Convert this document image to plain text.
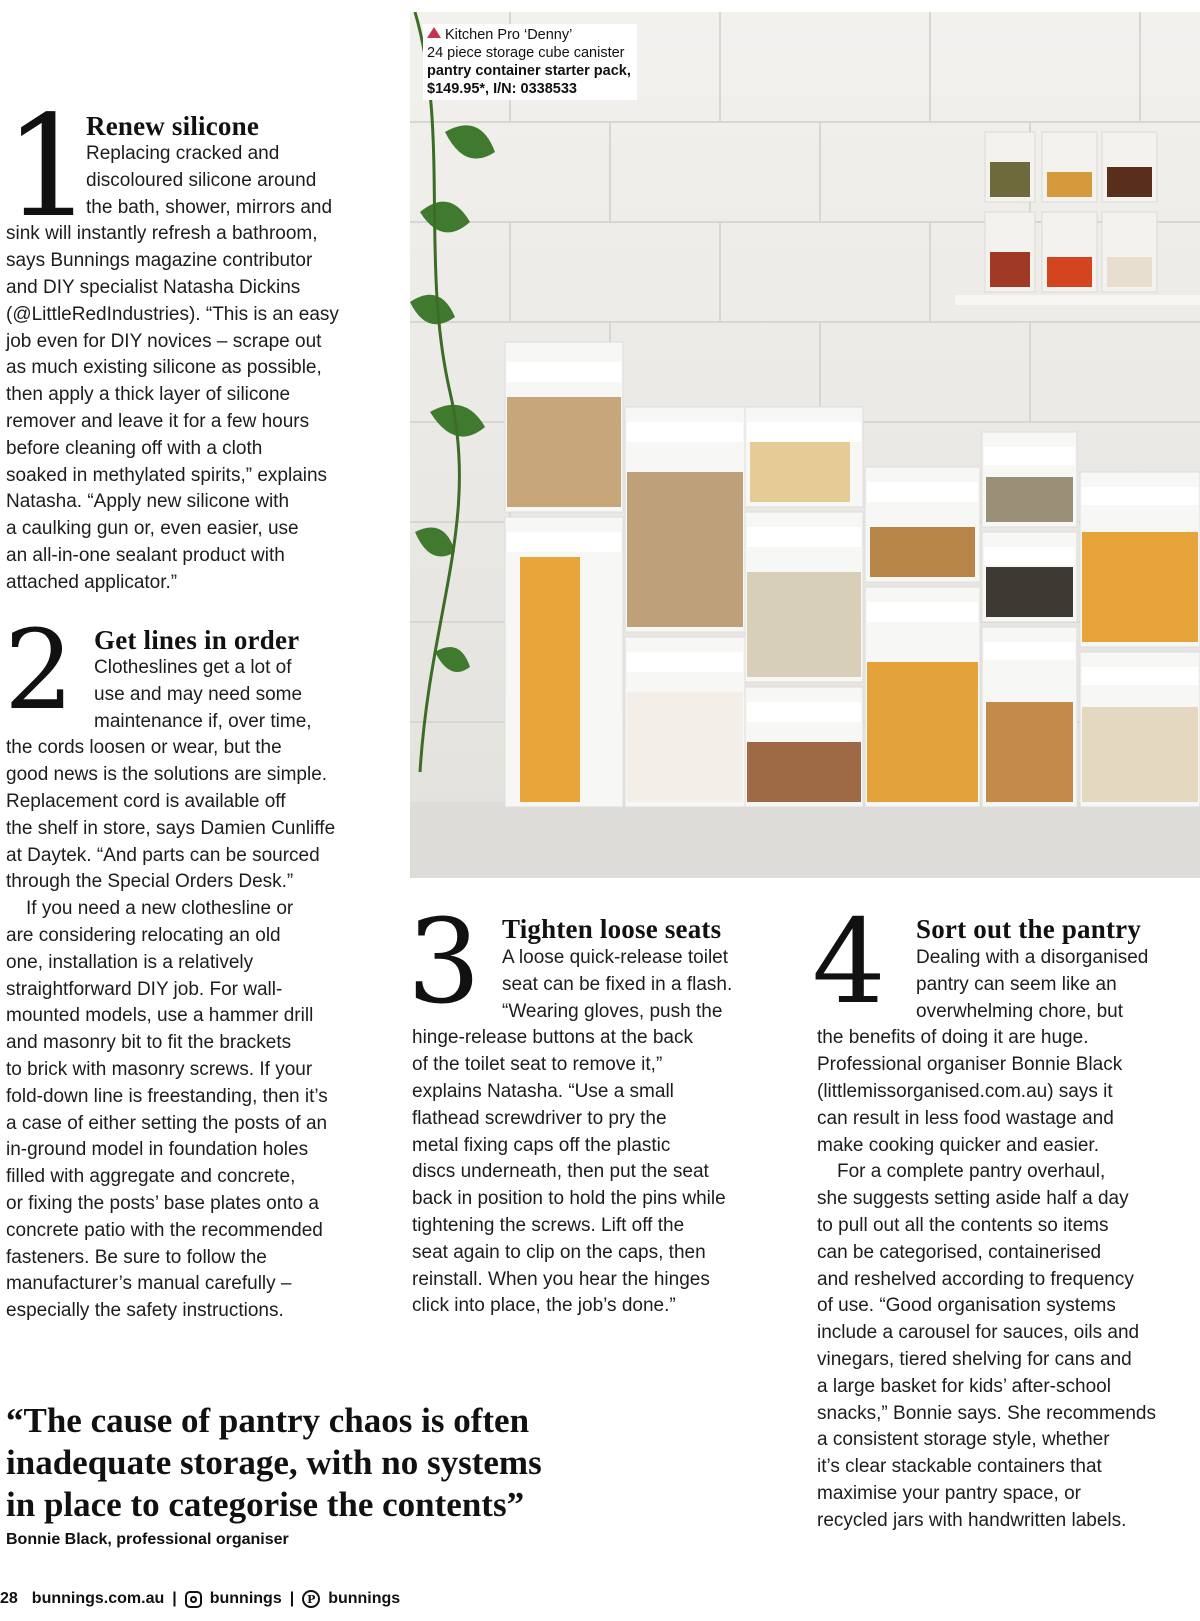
Kitchen Pro ‘Denny’
24 piece storage cube canister
pantry container starter pack,
$149.95*, I/N: 0338533
1
Renew silicone

Replacing cracked and

discoloured silicone around

the bath, shower, mirrors and

sink will instantly refresh a bathroom,

says Bunnings magazine contributor

and DIY specialist Natasha Dickins

(@LittleRedIndustries). “This is an easy

job even for DIY novices – scrape out

as much existing silicone as possible,

then apply a thick layer of silicone

remover and leave it for a few hours

before cleaning off with a cloth

soaked in methylated spirits,” explains

Natasha. “Apply new silicone with

a caulking gun or, even easier, use

an all-in-one sealant product with

attached applicator.”

2 Get lines in order

Clotheslines get a lot of

use and may need some

maintenance if, over time,

the cords loosen or wear, but the

good news is the solutions are simple.

Replacement cord is available off

the shelf in store, says Damien Cunliffe

at Daytek. “And parts can be sourced

through the Special Orders Desk.”

If you need a new clothesline or

are considering relocating an old

one, installation is a relatively

straightforward DIY job. For wall-

mounted models, use a hammer drill

and masonry bit to fit the brackets

to brick with masonry screws. If your

fold-down line is freestanding, then it’s

a case of either setting the posts of an

in-ground model in foundation holes

filled with aggregate and concrete,

or fixing the posts’ base plates onto a

concrete patio with the recommended

fasteners. Be sure to follow the

manufacturer’s manual carefully –

especially the safety instructions.

3 Tighten loose seats

A loose quick-release toilet

seat can be fixed in a flash.

“Wearing gloves, push the

hinge-release buttons at the back

of the toilet seat to remove it,”

explains Natasha. “Use a small

flathead screwdriver to pry the

metal fixing caps off the plastic

discs underneath, then put the seat

back in position to hold the pins while

tightening the screws. Lift off the

seat again to clip on the caps, then

reinstall. When you hear the hinges

click into place, the job’s done.”

4 Sort out the pantry

Dealing with a disorganised

pantry can seem like an

overwhelming chore, but

the benefits of doing it are huge.

Professional organiser Bonnie Black

(littlemissorganised.com.au) says it

can result in less food wastage and

make cooking quicker and easier.

For a complete pantry overhaul,

she suggests setting aside half a day

to pull out all the contents so items

can be categorised, containerised

and reshelved according to frequency

of use. “Good organisation systems

include a carousel for sauces, oils and

vinegars, tiered shelving for cans and

a large basket for kids’ after-school

snacks,” Bonnie says. She recommends

a consistent storage style, whether

it’s clear stackable containers that

maximise your pantry space, or

recycled jars with handwritten labels.

“The cause of pantry chaos is often
inadequate storage, with no systems
in place to categorise the contents”
Bonnie Black, professional organiser
28 bunnings.com.au | bunnings |	P bunnings
